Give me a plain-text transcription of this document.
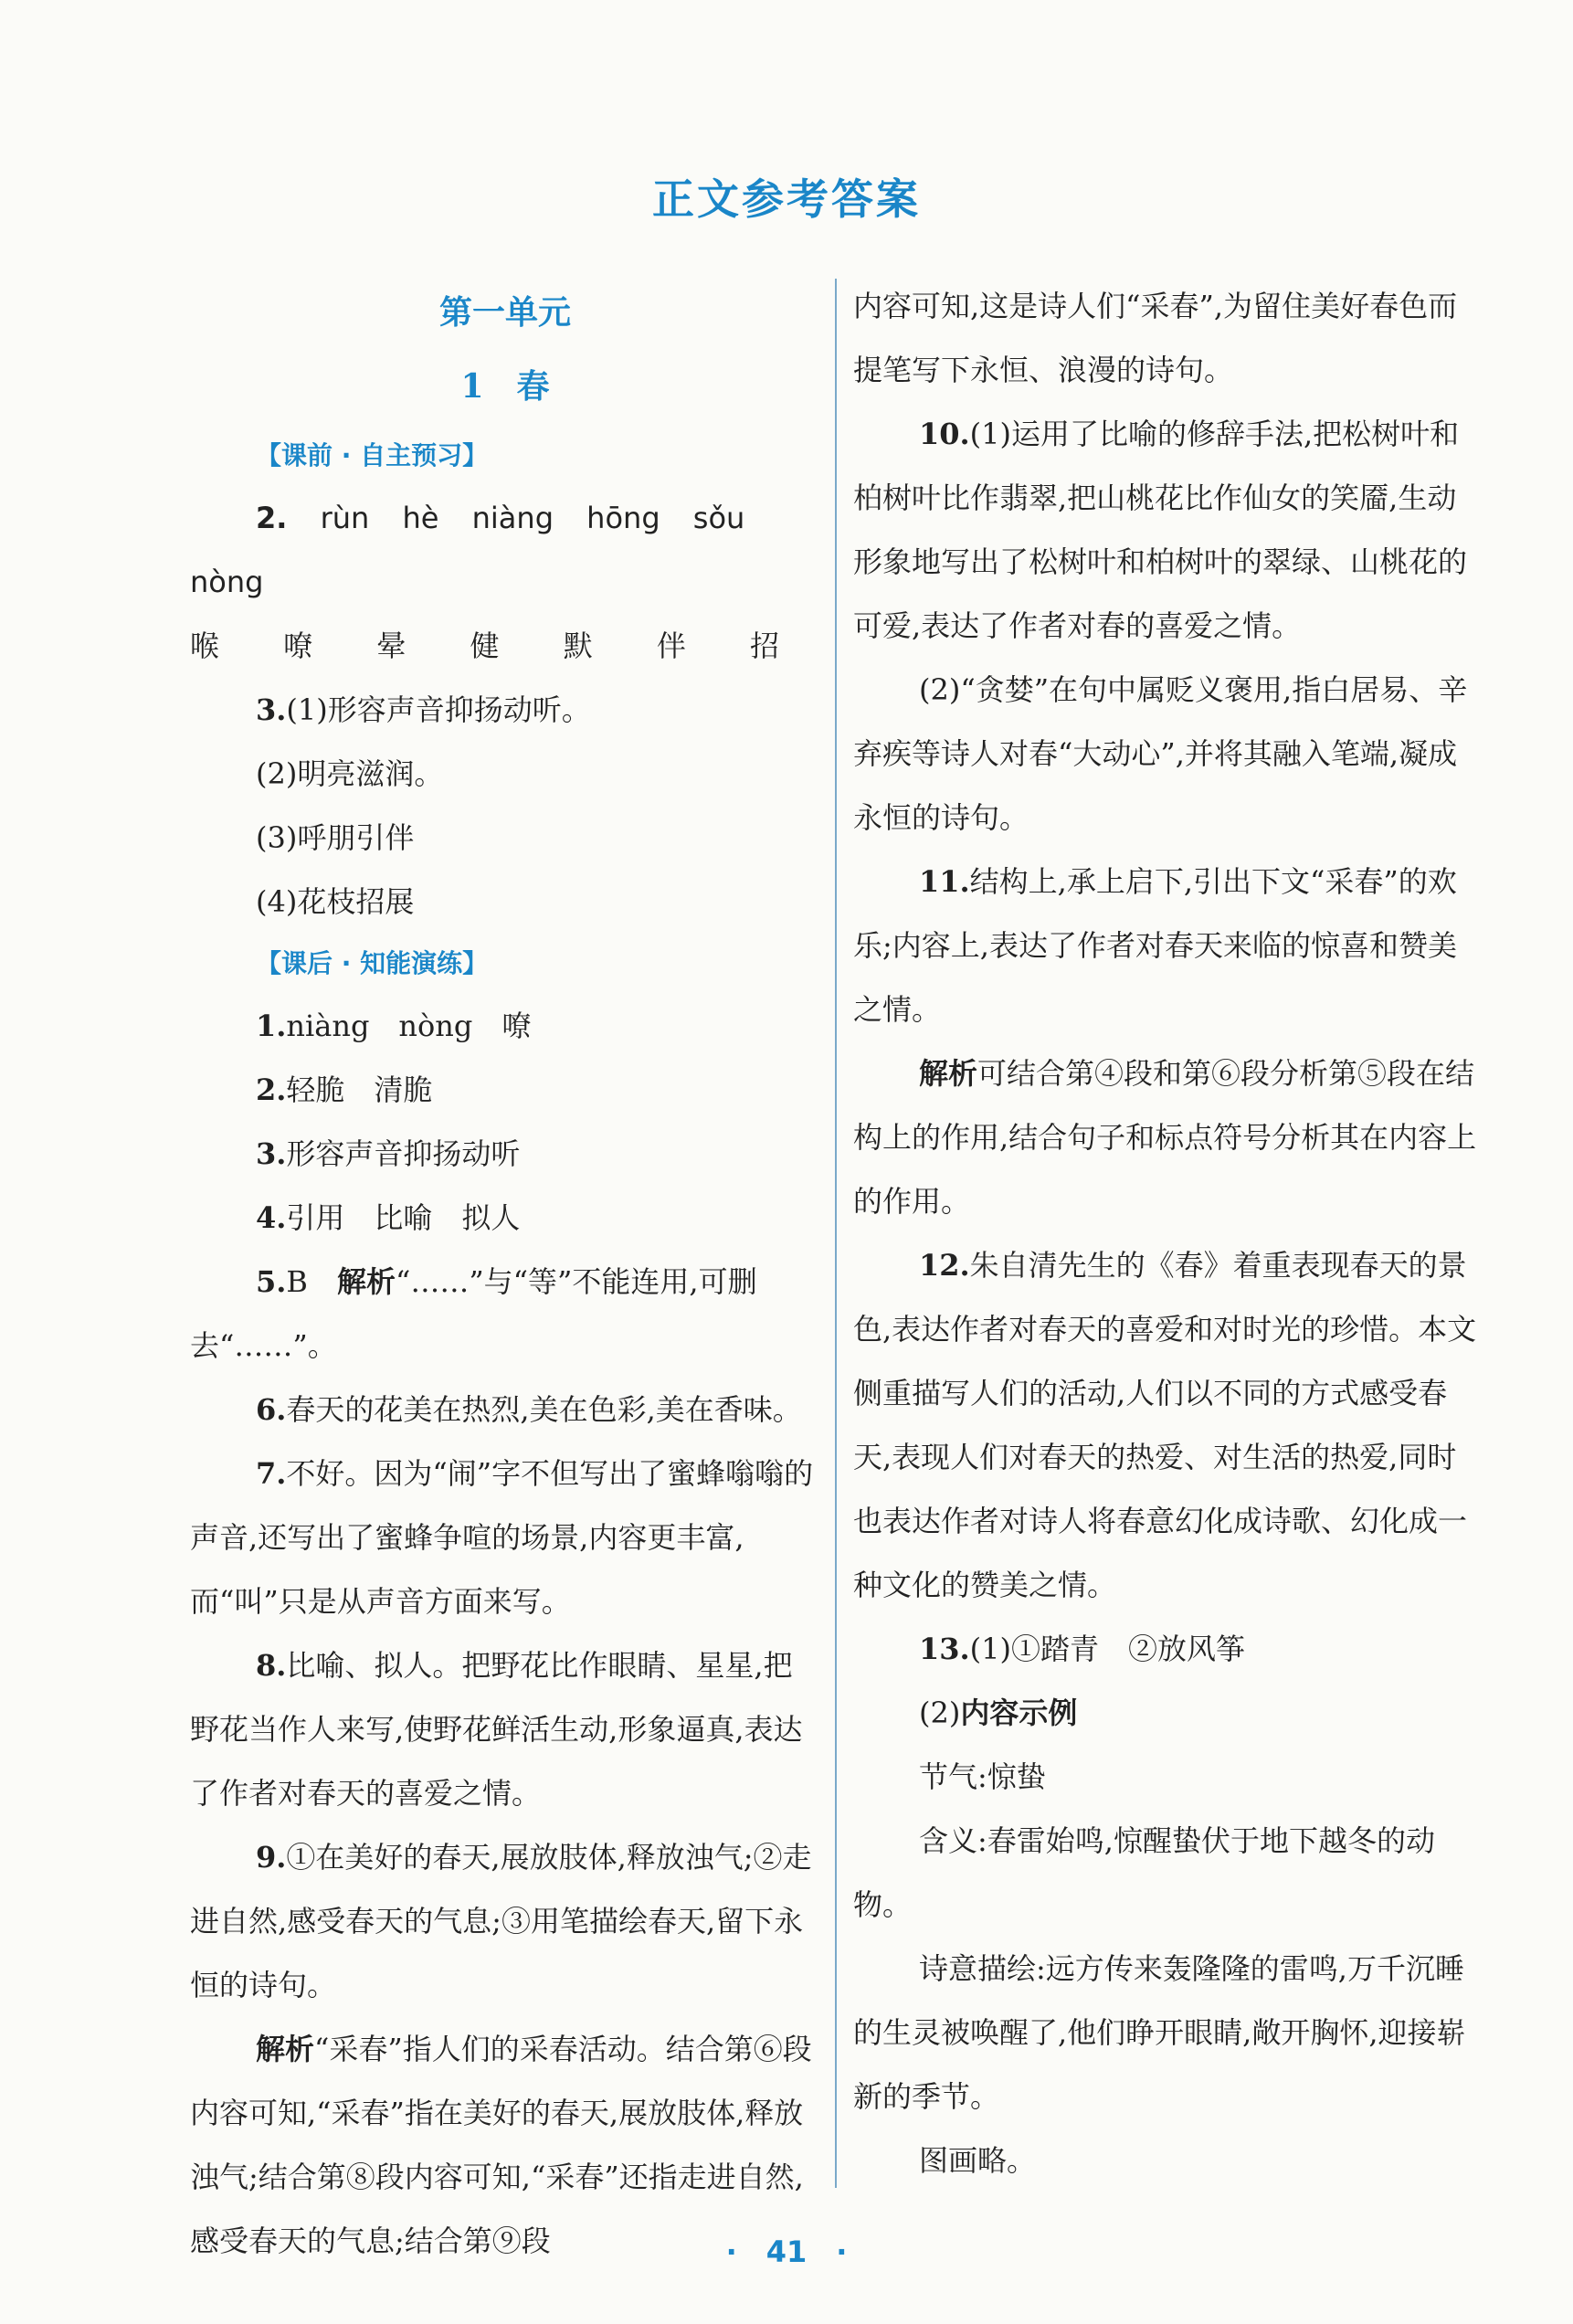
正文参考答案
第一单元
1　春
【课前 · 自主预习】

2. rùn hè niàng hōng sǒu nòng

喉 嘹 晕 健 默 伴 招

3.(1)形容声音抑扬动听。

(2)明亮滋润。

(3)呼朋引伴

(4)花枝招展

【课后 · 知能演练】

1.niàng　nòng　嘹

2.轻脆　清脆

3.形容声音抑扬动听

4.引用　比喻　拟人

5.B　解析“……”与“等”不能连用,可删

去“……”。

6.春天的花美在热烈,美在色彩,美在香味。

7.不好。因为“闹”字不但写出了蜜蜂嗡嗡的声音,还写出了蜜蜂争喧的场景,内容更丰富,而“叫”只是从声音方面来写。

8.比喻、拟人。把野花比作眼睛、星星,把野花当作人来写,使野花鲜活生动,形象逼真,表达了作者对春天的喜爱之情。

9.①在美好的春天,展放肢体,释放浊气;②走进自然,感受春天的气息;③用笔描绘春天,留下永恒的诗句。

解析“采春”指人们的采春活动。结合第⑥段内容可知,“采春”指在美好的春天,展放肢体,释放浊气;结合第⑧段内容可知,“采春”还指走进自然,感受春天的气息;结合第⑨段

内容可知,这是诗人们“采春”,为留住美好春色而提笔写下永恒、浪漫的诗句。

10.(1)运用了比喻的修辞手法,把松树叶和柏树叶比作翡翠,把山桃花比作仙女的笑靥,生动形象地写出了松树叶和柏树叶的翠绿、山桃花的可爱,表达了作者对春的喜爱之情。

(2)“贪婪”在句中属贬义褒用,指白居易、辛弃疾等诗人对春“大动心”,并将其融入笔端,凝成永恒的诗句。

11.结构上,承上启下,引出下文“采春”的欢乐;内容上,表达了作者对春天来临的惊喜和赞美之情。

解析可结合第④段和第⑥段分析第⑤段在结构上的作用,结合句子和标点符号分析其在内容上的作用。

12.朱自清先生的《春》着重表现春天的景色,表达作者对春天的喜爱和对时光的珍惜。本文侧重描写人们的活动,人们以不同的方式感受春天,表现人们对春天的热爱、对生活的热爱,同时也表达作者对诗人将春意幻化成诗歌、幻化成一种文化的赞美之情。

13.(1)①踏青　②放风筝

(2)内容示例

节气:惊蛰

含义:春雷始鸣,惊醒蛰伏于地下越冬的动物。

诗意描绘:远方传来轰隆隆的雷鸣,万千沉睡的生灵被唤醒了,他们睁开眼睛,敞开胸怀,迎接崭新的季节。

图画略。

·　41　·
